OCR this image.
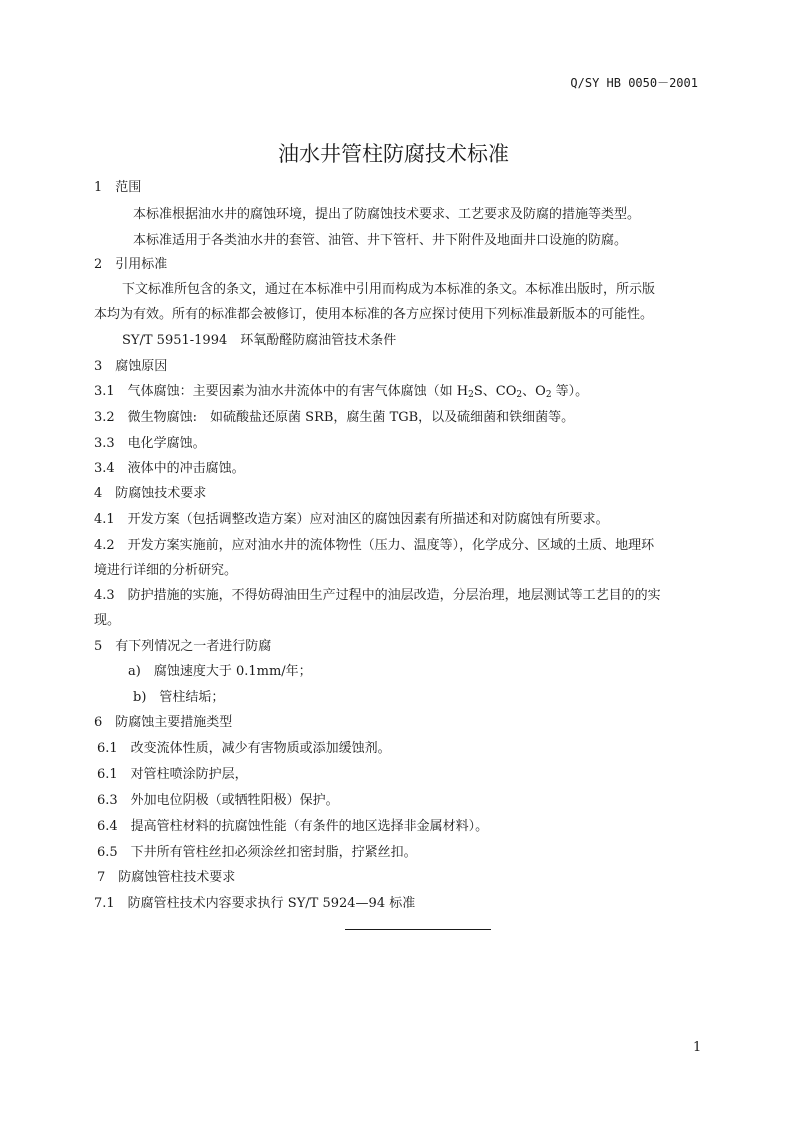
Q/SY HB 0050－2001
油水井管柱防腐技术标准
1　范围
本标准根据油水井的腐蚀环境，提出了防腐蚀技术要求、工艺要求及防腐的措施等类型。
本标准适用于各类油水井的套管、油管、井下管杆、井下附件及地面井口设施的防腐。
2　引用标准
下文标准所包含的条文，通过在本标准中引用而构成为本标准的条文。本标准出版时，所示版
本均为有效。所有的标准都会被修订，使用本标准的各方应探讨使用下列标准最新版本的可能性。
SY/T 5951-1994　环氧酚醛防腐油管技术条件
3　腐蚀原因
3.1　气体腐蚀：主要因素为油水井流体中的有害气体腐蚀（如 $H_2S$、$CO_2$、$O_2$ 等）。
3.2　微生物腐蚀:　如硫酸盐还原菌 SRB，腐生菌 TGB，以及硫细菌和铁细菌等。
3.3　电化学腐蚀。
3.4　液体中的冲击腐蚀。
4　防腐蚀技术要求
4.1　开发方案（包括调整改造方案）应对油区的腐蚀因素有所描述和对防腐蚀有所要求。
4.2　开发方案实施前，应对油水井的流体物性（压力、温度等），化学成分、区域的土质、地理环
境进行详细的分析研究。
4.3　防护措施的实施，不得妨碍油田生产过程中的油层改造，分层治理，地层测试等工艺目的的实
现。
5　有下列情况之一者进行防腐
a)　腐蚀速度大于 0.1mm/年；
b)　管柱结垢；
6　防腐蚀主要措施类型
6.1　改变流体性质，减少有害物质或添加缓蚀剂。
6.1　对管柱喷涂防护层，
6.3　外加电位阴极（或牺牲阳极）保护。
6.4　提高管柱材料的抗腐蚀性能（有条件的地区选择非金属材料）。
6.5　下井所有管柱丝扣必须涂丝扣密封脂，拧紧丝扣。
7　防腐蚀管柱技术要求
7.1　防腐管柱技术内容要求执行 SY/T 5924—94 标准
1
